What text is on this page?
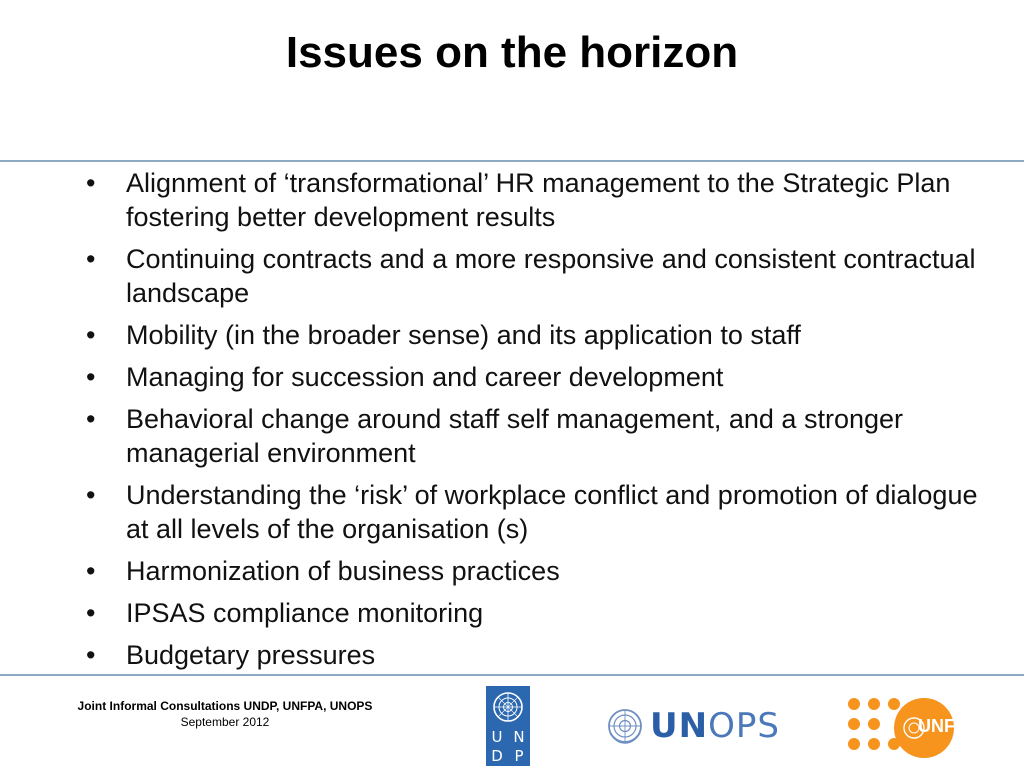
Issues on the horizon
• Alignment of ‘transformational’ HR management to the Strategic Plan fostering better development results
• Continuing contracts and a more responsive and consistent contractual landscape
• Mobility (in the broader sense) and its application to staff
• Managing for succession and career development
• Behavioral change around staff self management, and a stronger managerial environment
• Understanding the ‘risk’ of workplace conflict and promotion of dialogue at all levels of the organisation (s)
• Harmonization of business practices
• IPSAS compliance monitoring
• Budgetary pressures
Joint Informal Consultations UNDP, UNFPA, UNOPS
September 2012
U N
D P
UNOPS	UNFPA
